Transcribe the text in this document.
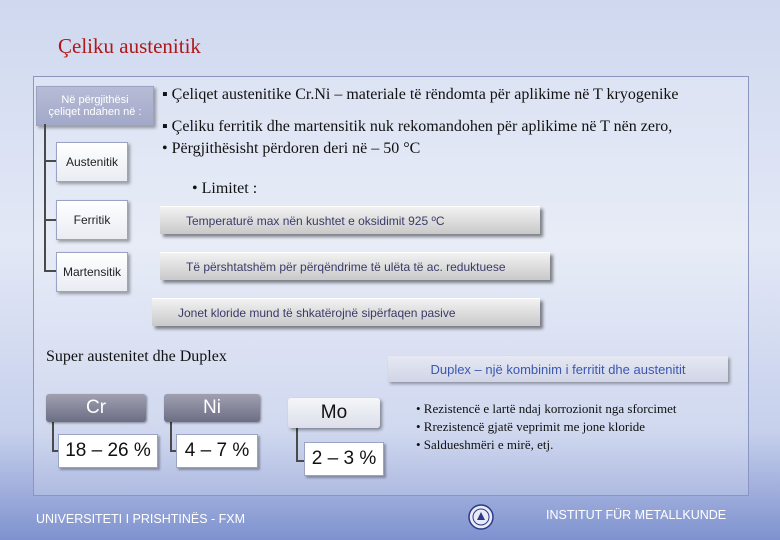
Çeliku austenitik
Në përgjithësi
çeliqet ndahen në :
Austenitik
Ferritik
Martensitik
▪ Çeliqet austenitike Cr.Ni – materiale të rëndomta për aplikime në T kryogenike
▪ Çeliku ferritik dhe martensitik nuk rekomandohen për aplikime në T nën zero,
• Përgjithësisht përdoren deri në – 50 °C
• Limitet :
Temperaturë max nën kushtet e oksidimit 925 ºC
Të përshtatshëm për përqëndrime të ulëta të ac. reduktuese
Jonet kloride mund të shkatërojnë sipërfaqen pasive
Super austenitet dhe Duplex
Duplex – një kombinim i ferritit dhe austenitit
Cr
18 – 26 %
Ni
4 – 7 %
Mo
2 – 3 %
• Rezistencë e lartë ndaj korrozionit nga sforcimet
• Rrezistencë gjatë veprimit me jone kloride
• Saldueshmëri e mirë, etj.
UNIVERSITETI I PRISHTINËS - FXM	INSTITUT FÜR METALLKUNDE
